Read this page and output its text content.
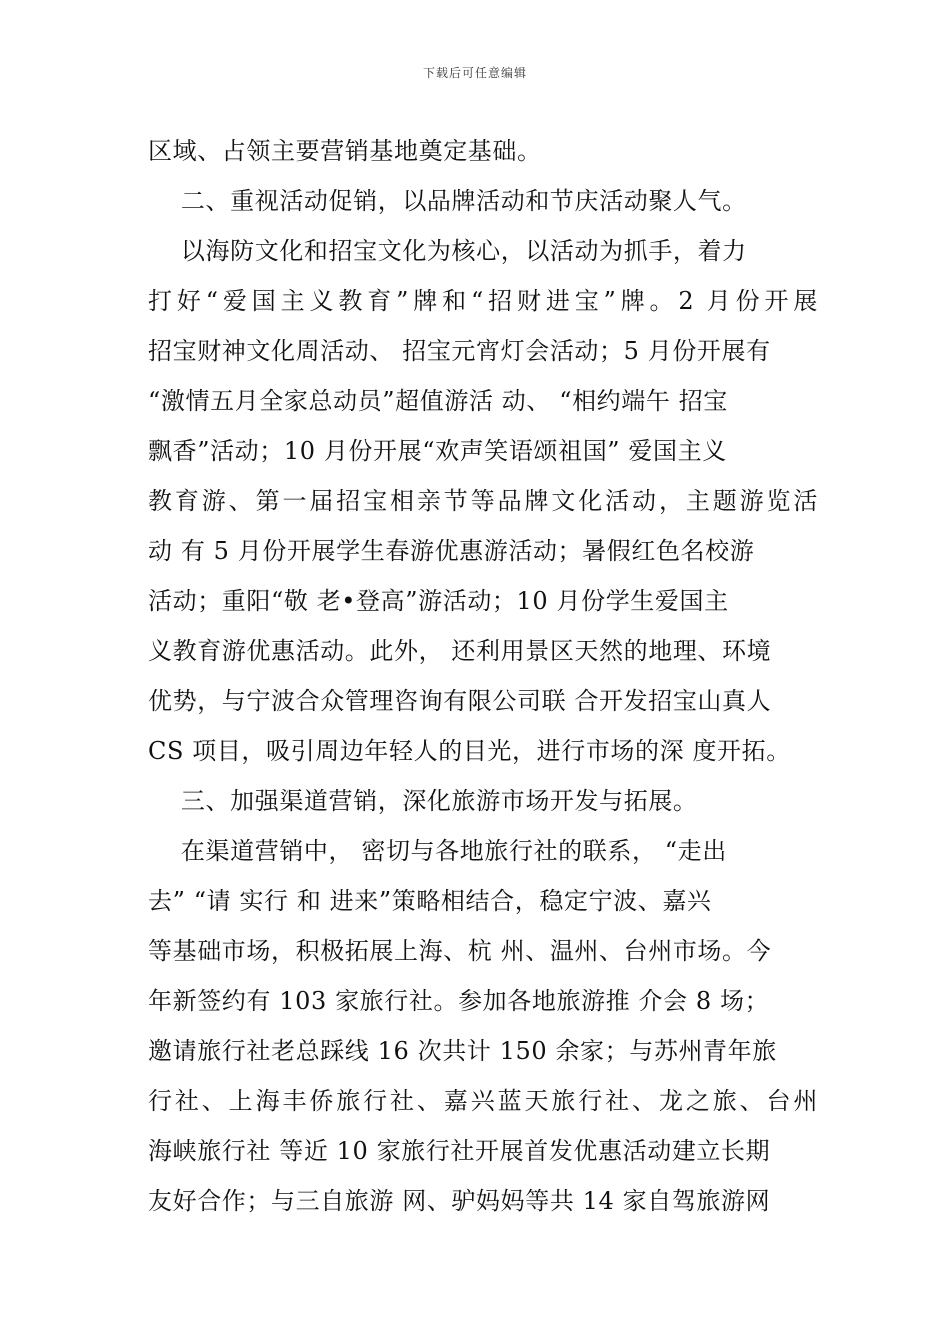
下载后可任意编辑
区域、占领主要营销基地奠定基础。
二、重视活动促销，以品牌活动和节庆活动聚人气。
以海防文化和招宝文化为核心，以活动为抓手，着力
打好“爱国主义教育”牌和“招财进宝”牌。2 月份开展
招宝财神文化周活动、 招宝元宵灯会活动；5 月份开展有
“激情五月全家总动员”超值游活 动、 “相约端午 招宝
飘香”活动；10 月份开展“欢声笑语颂祖国” 爱国主义
教育游、第一届招宝相亲节等品牌文化活动，主题游览活
动 有 5 月份开展学生春游优惠游活动；暑假红色名校游
活动；重阳“敬 老•登高”游活动；10 月份学生爱国主
义教育游优惠活动。此外， 还利用景区天然的地理、环境
优势，与宁波合众管理咨询有限公司联 合开发招宝山真人
CS 项目，吸引周边年轻人的目光，进行市场的深 度开拓。
三、加强渠道营销，深化旅游市场开发与拓展。
在渠道营销中， 密切与各地旅行社的联系， “走出
去” “请 实行 和 进来”策略相结合，稳定宁波、嘉兴
等基础市场，积极拓展上海、杭 州、温州、台州市场。今
年新签约有 103 家旅行社。参加各地旅游推 介会 8 场；
邀请旅行社老总踩线 16 次共计 150 余家；与苏州青年旅
行社、上海丰侨旅行社、嘉兴蓝天旅行社、龙之旅、台州
海峡旅行社 等近 10 家旅行社开展首发优惠活动建立长期
友好合作；与三自旅游 网、驴妈妈等共 14 家自驾旅游网
